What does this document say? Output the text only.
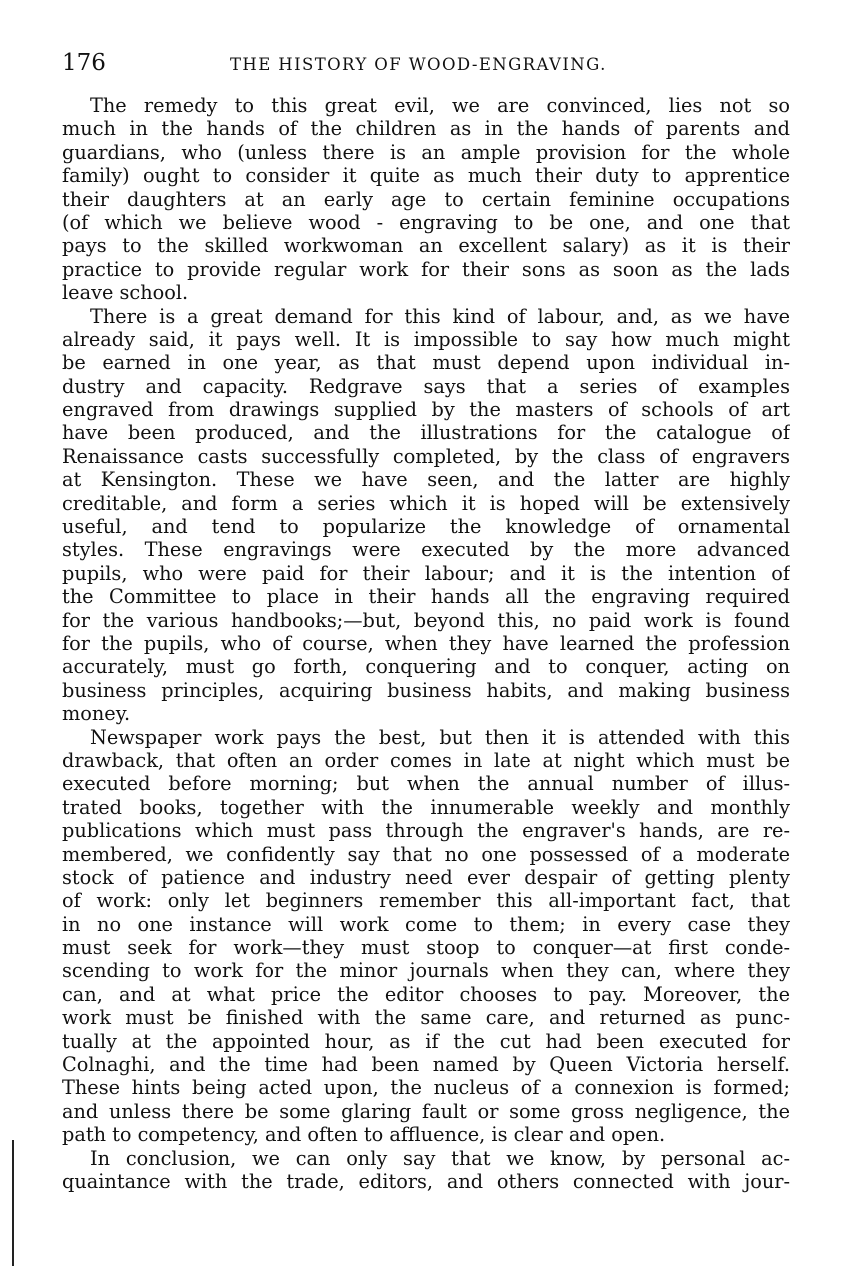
176	THE HISTORY OF WOOD-ENGRAVING.
The remedy to this great evil, we are convinced, lies not so
much in the hands of the children as in the hands of parents and
guardians, who (unless there is an ample provision for the whole
family) ought to consider it quite as much their duty to apprentice
their daughters at an early age to certain feminine occupations
(of which we believe wood - engraving to be one, and one that
pays to the skilled workwoman an excellent salary) as it is their
practice to provide regular work for their sons as soon as the lads
leave school.
There is a great demand for this kind of labour, and, as we have
already said, it pays well. It is impossible to say how much might
be earned in one year, as that must depend upon individual in-
dustry and capacity. Redgrave says that a series of examples
engraved from drawings supplied by the masters of schools of art
have been produced, and the illustrations for the catalogue of
Renaissance casts successfully completed, by the class of engravers
at Kensington. These we have seen, and the latter are highly
creditable, and form a series which it is hoped will be extensively
useful, and tend to popularize the knowledge of ornamental
styles. These engravings were executed by the more advanced
pupils, who were paid for their labour; and it is the intention of
the Committee to place in their hands all the engraving required
for the various handbooks;—but, beyond this, no paid work is found
for the pupils, who of course, when they have learned the profession
accurately, must go forth, conquering and to conquer, acting on
business principles, acquiring business habits, and making business
money.
Newspaper work pays the best, but then it is attended with this
drawback, that often an order comes in late at night which must be
executed before morning; but when the annual number of illus-
trated books, together with the innumerable weekly and monthly
publications which must pass through the engraver's hands, are re-
membered, we confidently say that no one possessed of a moderate
stock of patience and industry need ever despair of getting plenty
of work: only let beginners remember this all-important fact, that
in no one instance will work come to them; in every case they
must seek for work—they must stoop to conquer—at first conde-
scending to work for the minor journals when they can, where they
can, and at what price the editor chooses to pay. Moreover, the
work must be finished with the same care, and returned as punc-
tually at the appointed hour, as if the cut had been executed for
Colnaghi, and the time had been named by Queen Victoria herself.
These hints being acted upon, the nucleus of a connexion is formed;
and unless there be some glaring fault or some gross negligence, the
path to competency, and often to affluence, is clear and open.
In conclusion, we can only say that we know, by personal ac-
quaintance with the trade, editors, and others connected with jour-
